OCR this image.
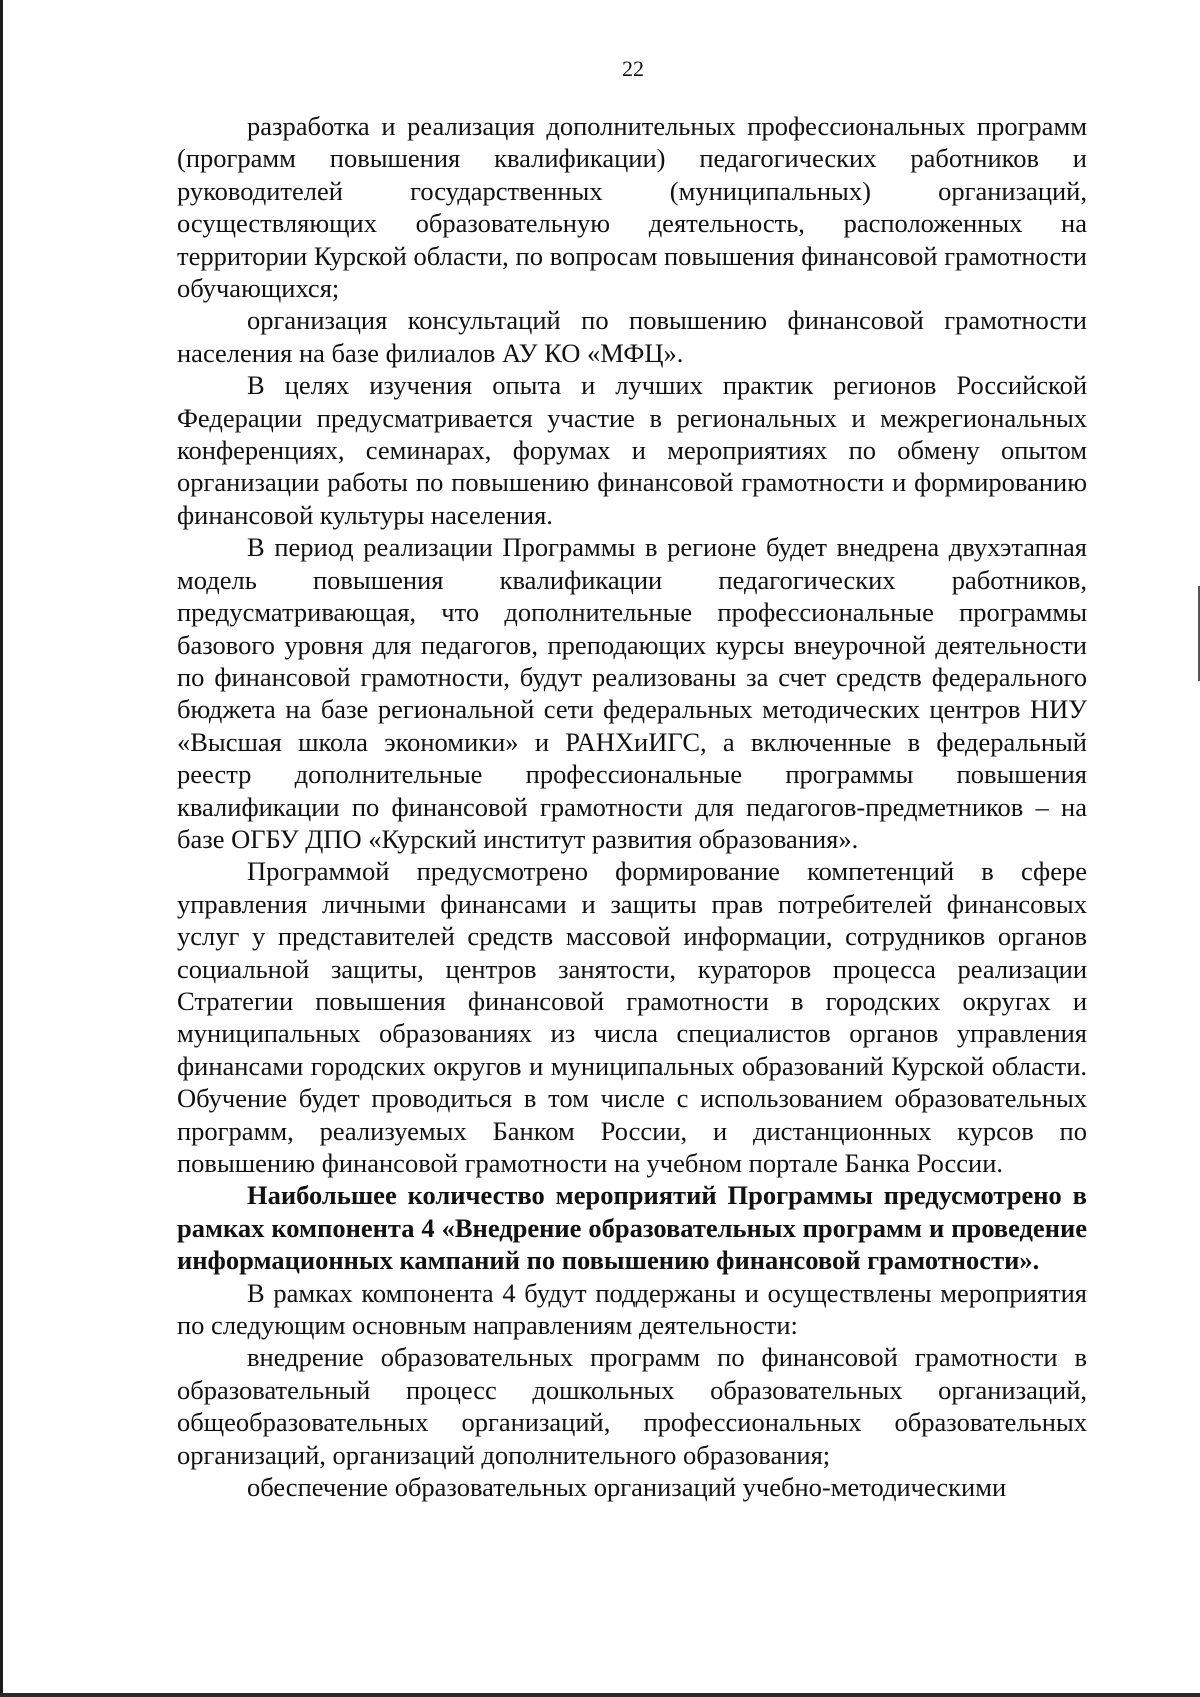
22

разработка и реализация дополнительных профессиональных программ (программ повышения квалификации) педагогических работников и руководителей государственных (муниципальных) организаций, осуществляющих образовательную деятельность, расположенных на территории Курской области, по вопросам повышения финансовой грамотности обучающихся;

организация консультаций по повышению финансовой грамотности населения на базе филиалов АУ КО «МФЦ».

В целях изучения опыта и лучших практик регионов Российской Федерации предусматривается участие в региональных и межрегиональных конференциях, семинарах, форумах и мероприятиях по обмену опытом организации работы по повышению финансовой грамотности и формированию финансовой культуры населения.

В период реализации Программы в регионе будет внедрена двухэтапная модель повышения квалификации педагогических работников, предусматривающая, что дополнительные профессиональные программы базового уровня для педагогов, преподающих курсы внеурочной деятельности по финансовой грамотности, будут реализованы за счет средств федерального бюджета на базе региональной сети федеральных методических центров НИУ «Высшая школа экономики» и РАНХиИГС, а включенные в федеральный реестр дополнительные профессиональные программы повышения квалификации по финансовой грамотности для педагогов-предметников – на базе ОГБУ ДПО «Курский институт развития образования».

Программой предусмотрено формирование компетенций в сфере управления личными финансами и защиты прав потребителей финансовых услуг у представителей средств массовой информации, сотрудников органов социальной защиты, центров занятости, кураторов процесса реализации Стратегии повышения финансовой грамотности в городских округах и муниципальных образованиях из числа специалистов органов управления финансами городских округов и муниципальных образований Курской области. Обучение будет проводиться в том числе с использованием образовательных программ, реализуемых Банком России, и дистанционных курсов по повышению финансовой грамотности на учебном портале Банка России.

Наибольшее количество мероприятий Программы предусмотрено в рамках компонента 4 «Внедрение образовательных программ и проведение информационных кампаний по повышению финансовой грамотности».

В рамках компонента 4 будут поддержаны и осуществлены мероприятия по следующим основным направлениям деятельности:

внедрение образовательных программ по финансовой грамотности в образовательный процесс дошкольных образовательных организаций, общеобразовательных организаций, профессиональных образовательных организаций, организаций дополнительного образования;

обеспечение образовательных организаций учебно-методическими
